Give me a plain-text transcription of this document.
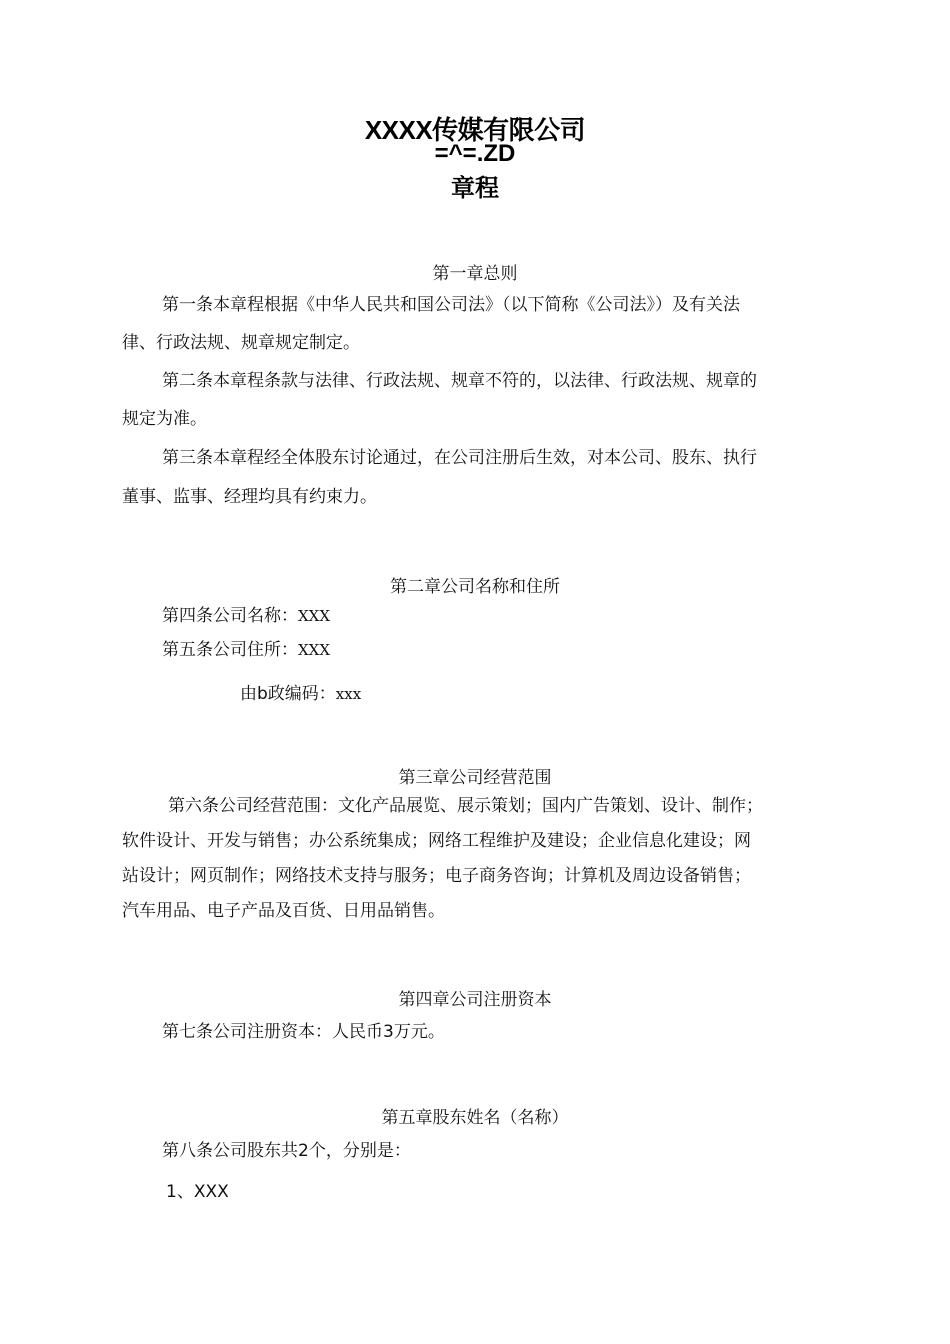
XXXX传媒有限公司
=^=.ZD
章程
第一章总则
第一条本章程根据《中华人民共和国公司法》（以下简称《公司法》）及有关法
律、行政法规、规章规定制定。
第二条本章程条款与法律、行政法规、规章不符的，以法律、行政法规、规章的
规定为准。
第三条本章程经全体股东讨论通过，在公司注册后生效，对本公司、股东、执行
董事、监事、经理均具有约束力。
第二章公司名称和住所
第四条公司名称：XXX
第五条公司住所：XXX
由b政编码：xxx
第三章公司经营范围
第六条公司经营范围：文化产品展览、展示策划；国内广告策划、设计、制作；
软件设计、开发与销售；办公系统集成；网络工程维护及建设；企业信息化建设；网
站设计；网页制作；网络技术支持与服务；电子商务咨询；计算机及周边设备销售；
汽车用品、电子产品及百货、日用品销售。
第四章公司注册资本
第七条公司注册资本：人民币3万元。
第五章股东姓名（名称）
第八条公司股东共2个，分别是：
1、XXX
